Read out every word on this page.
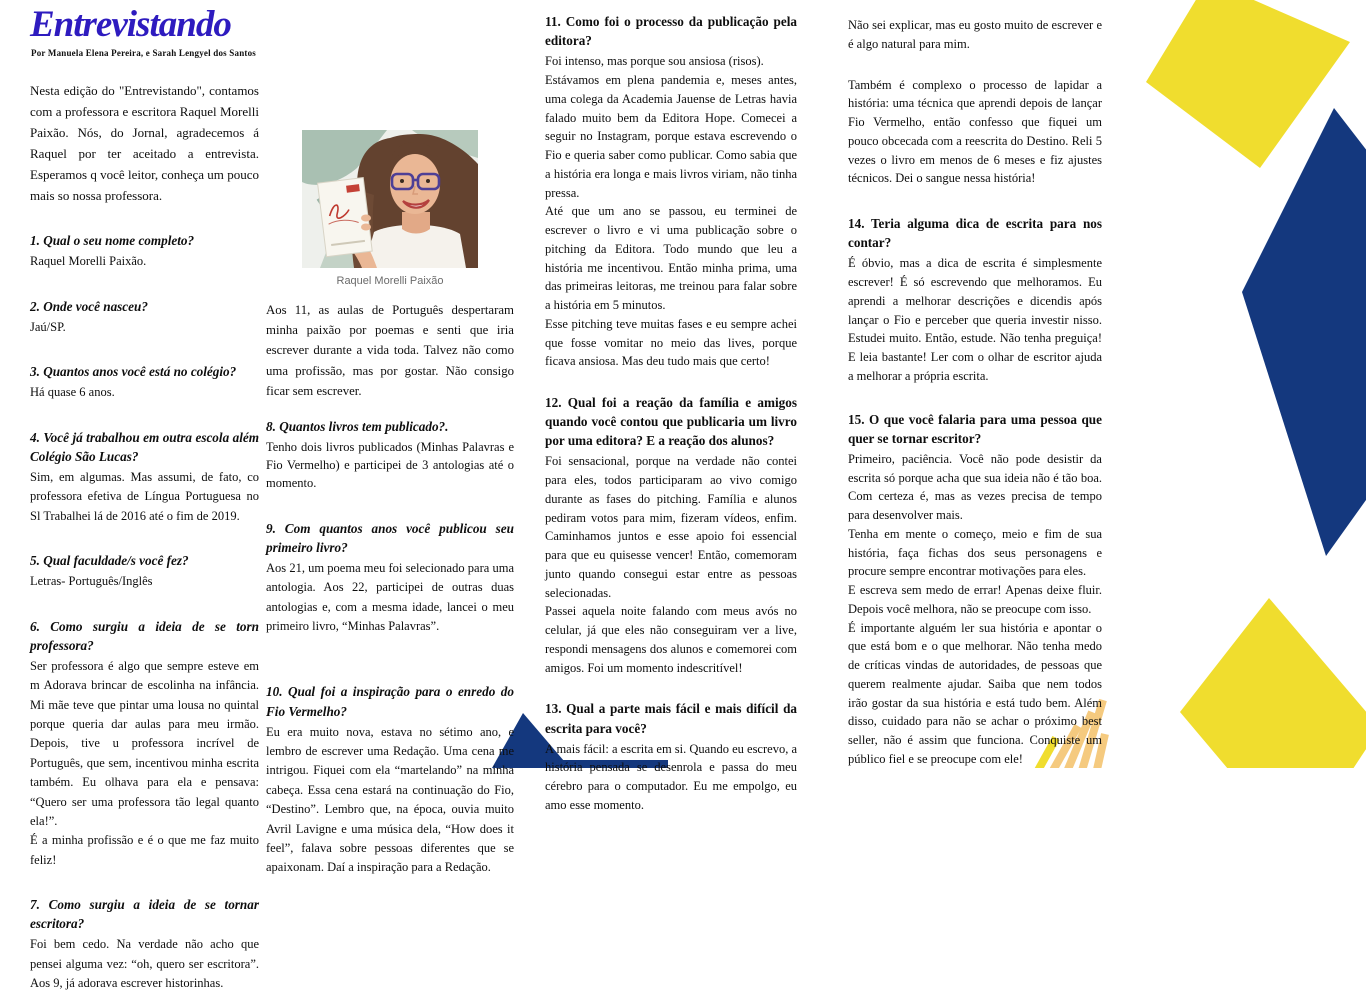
Entrevistando
Por Manuela Elena Pereira, e Sarah Lengyel dos Santos

Nesta edição do "Entrevistando", contamos com a professora e escritora Raquel Morelli Paixão. Nós, do Jornal, agradecemos á Raquel por ter aceitado a entrevista. Esperamos q você leitor, conheça um pouco mais so nossa professora.

1. Qual o seu nome completo?

Raquel Morelli Paixão.

2. Onde você nasceu?

Jaú/SP.

3. Quantos anos você está no colégio?

Há quase 6 anos.

4. Você já trabalhou em outra escola além Colégio São Lucas?

Sim, em algumas. Mas assumi, de fato, co professora efetiva de Língua Portuguesa no Sl Trabalhei lá de 2016 até o fim de 2019.

5. Qual faculdade/s você fez?

Letras- Português/Inglês

6. Como surgiu a ideia de se torn professora?

Ser professora é algo que sempre esteve em m Adorava brincar de escolinha na infância. Mi mãe teve que pintar uma lousa no quintal porque queria dar aulas para meu irmão. Depois, tive u professora incrível de Português, que sem, incentivou minha escrita também. Eu olhava para ela e pensava: “Quero ser uma professora tão legal quanto ela!”.

É a minha profissão e é o que me faz muito feliz!

7. Como surgiu a ideia de se tornar escritora?

Foi bem cedo. Na verdade não acho que pensei alguma vez: “oh, quero ser escritora”. Aos 9, já adorava escrever historinhas.

Raquel Morelli Paixão

Aos 11, as aulas de Português despertaram minha paixão por poemas e senti que iria escrever durante a vida toda. Talvez não como uma profissão, mas por gostar. Não consigo ficar sem escrever.

8. Quantos livros tem publicado?.

Tenho dois livros publicados (Minhas Palavras e Fio Vermelho) e participei de 3 antologias até o momento.

9. Com quantos anos você publicou seu primeiro livro?

Aos 21, um poema meu foi selecionado para uma antologia. Aos 22, participei de outras duas antologias e, com a mesma idade, lancei o meu primeiro livro, “Minhas Palavras”.

10. Qual foi a inspiração para o enredo do Fio Vermelho?

Eu era muito nova, estava no sétimo ano, e lembro de escrever uma Redação. Uma cena me intrigou. Fiquei com ela “martelando” na minha cabeça. Essa cena estará na continuação do Fio, “Destino”. Lembro que, na época, ouvia muito Avril Lavigne e uma música dela, “How does it feel”, falava sobre pessoas diferentes que se apaixonam. Daí a inspiração para a Redação.

11. Como foi o processo da publicação pela editora?

Foi intenso, mas porque sou ansiosa (risos).

Estávamos em plena pandemia e, meses antes, uma colega da Academia Jauense de Letras havia falado muito bem da Editora Hope. Comecei a seguir no Instagram, porque estava escrevendo o Fio e queria saber como publicar. Como sabia que a história era longa e mais livros viriam, não tinha pressa.

Até que um ano se passou, eu terminei de escrever o livro e vi uma publicação sobre o pitching da Editora. Todo mundo que leu a história me incentivou. Então minha prima, uma das primeiras leitoras, me treinou para falar sobre a história em 5 minutos.

Esse pitching teve muitas fases e eu sempre achei que fosse vomitar no meio das lives, porque ficava ansiosa. Mas deu tudo mais que certo!

12. Qual foi a reação da família e amigos quando você contou que publicaria um livro por uma editora? E a reação dos alunos?

Foi sensacional, porque na verdade não contei para eles, todos participaram ao vivo comigo durante as fases do pitching. Família e alunos pediram votos para mim, fizeram vídeos, enfim. Caminhamos juntos e esse apoio foi essencial para que eu quisesse vencer! Então, comemoram junto quando consegui estar entre as pessoas selecionadas.

Passei aquela noite falando com meus avós no celular, já que eles não conseguiram ver a live, respondi mensagens dos alunos e comemorei com amigos. Foi um momento indescritível!

13. Qual a parte mais fácil e mais difícil da escrita para você?

A mais fácil: a escrita em si. Quando eu escrevo, a história pensada se desenrola e passa do meu cérebro para o computador. Eu me empolgo, eu amo esse momento.

Não sei explicar, mas eu gosto muito de escrever e é algo natural para mim.

Também é complexo o processo de lapidar a história: uma técnica que aprendi depois de lançar Fio Vermelho, então confesso que fiquei um pouco obcecada com a reescrita do Destino. Reli 5 vezes o livro em menos de 6 meses e fiz ajustes técnicos. Dei o sangue nessa história!

14. Teria alguma dica de escrita para nos contar?

É óbvio, mas a dica de escrita é simplesmente escrever! É só escrevendo que melhoramos. Eu aprendi a melhorar descrições e dicendis após lançar o Fio e perceber que queria investir nisso. Estudei muito. Então, estude. Não tenha preguiça! E leia bastante! Ler com o olhar de escritor ajuda a melhorar a própria escrita.

15. O que você falaria para uma pessoa que quer se tornar escritor?

Primeiro, paciência. Você não pode desistir da escrita só porque acha que sua ideia não é tão boa. Com certeza é, mas as vezes precisa de tempo para desenvolver mais.

Tenha em mente o começo, meio e fim de sua história, faça fichas dos seus personagens e procure sempre encontrar motivações para eles.

E escreva sem medo de errar! Apenas deixe fluir. Depois você melhora, não se preocupe com isso.

É importante alguém ler sua história e apontar o que está bom e o que melhorar. Não tenha medo de críticas vindas de autoridades, de pessoas que querem realmente ajudar. Saiba que nem todos irão gostar da sua história e está tudo bem. Além disso, cuidado para não se achar o próximo best seller, não é assim que funciona. Conquiste um público fiel e se preocupe com ele!
